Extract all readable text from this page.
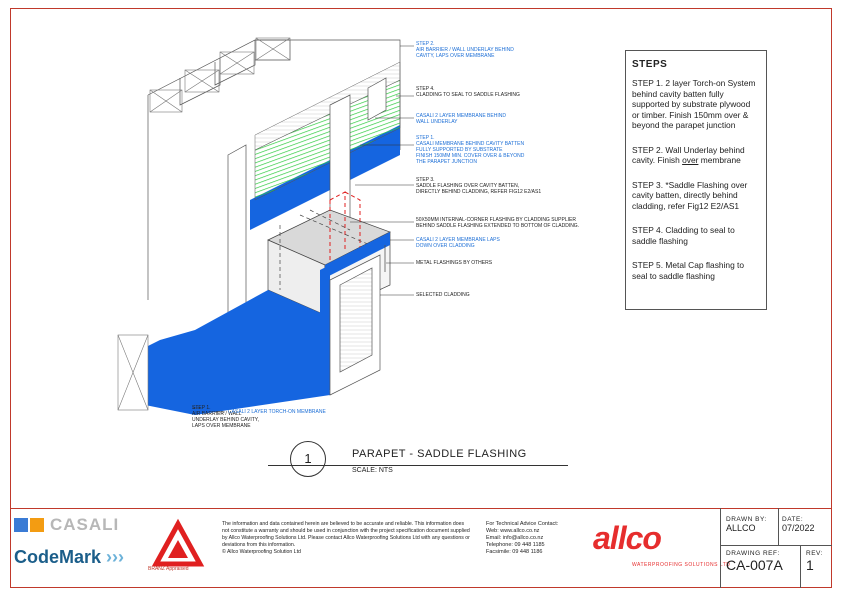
STEP 2.
AIR BARRIER / WALL UNDERLAY BEHIND
CAVITY, LAPS OVER MEMBRANE
STEP 4.
CLADDING TO SEAL TO SADDLE FLASHING
CASALI 2 LAYER MEMBRANE BEHIND
WALL UNDERLAY
STEP 1.
CASALI MEMBRANE BEHIND CAVITY BATTEN
FULLY SUPPORTED BY SUBSTRATE
FINISH 150MM MIN. COVER OVER & BEYOND
THE PARAPET JUNCTION
STEP 3.
SADDLE FLASHING OVER CAVITY BATTEN,
DIRECTLY BEHIND CLADDING, REFER FIG12 E2/AS1
50X50MM INTERNAL-CORNER FLASHING BY CLADDING SUPPLIER
BEHIND SADDLE FLASHING EXTENDED TO BOTTOM OF CLADDING.
CASALI 2 LAYER MEMBRANE LAPS
DOWN OVER CLADDING
METAL FLASHINGS BY OTHERS
SELECTED CLADDING
STEP 1.
AIR BARRIER / WALL
UNDERLAY BEHIND CAVITY,
LAPS OVER MEMBRANE
CASALI 2 LAYER TORCH-ON MEMBRANE
STEPS
STEP 1. 2 layer Torch-on System behind cavity batten fully supported by substrate plywood or timber. Finish 150mm over & beyond the parapet junction
STEP 2. Wall Underlay behind cavity. Finish over membrane
STEP 3. *Saddle Flashing over cavity batten, directly behind cladding, refer Fig12 E2/AS1
STEP 4. Cladding to seal to saddle flashing
STEP 5. Metal Cap flashing to seal to saddle flashing
1	PARAPET - SADDLE FLASHING
SCALE: NTS
CASALI
CodeMark ›››
BRANZ Appraised
The information and data contained herein are believed to be accurate and reliable. This information does not constitute a warranty and should be used in conjunction with the project specification document supplied by Allco Waterproofing Solutions Ltd. Please contact Allco Waterproofing Solutions Ltd with any questions or deviations from this information.
© Allco Waterproofing Solution Ltd
For Technical Advice Contact:
Web: www.allco.co.nz
Email: info@allco.co.nz
Telephone: 09 448 1185
Facsimile: 09 448 1186	allco
WATERPROOFING SOLUTIONS LTD
DRAWN BY:
ALLCO
DATE:
07/2022
DRAWING REF:
CA-007A
REV:
1
